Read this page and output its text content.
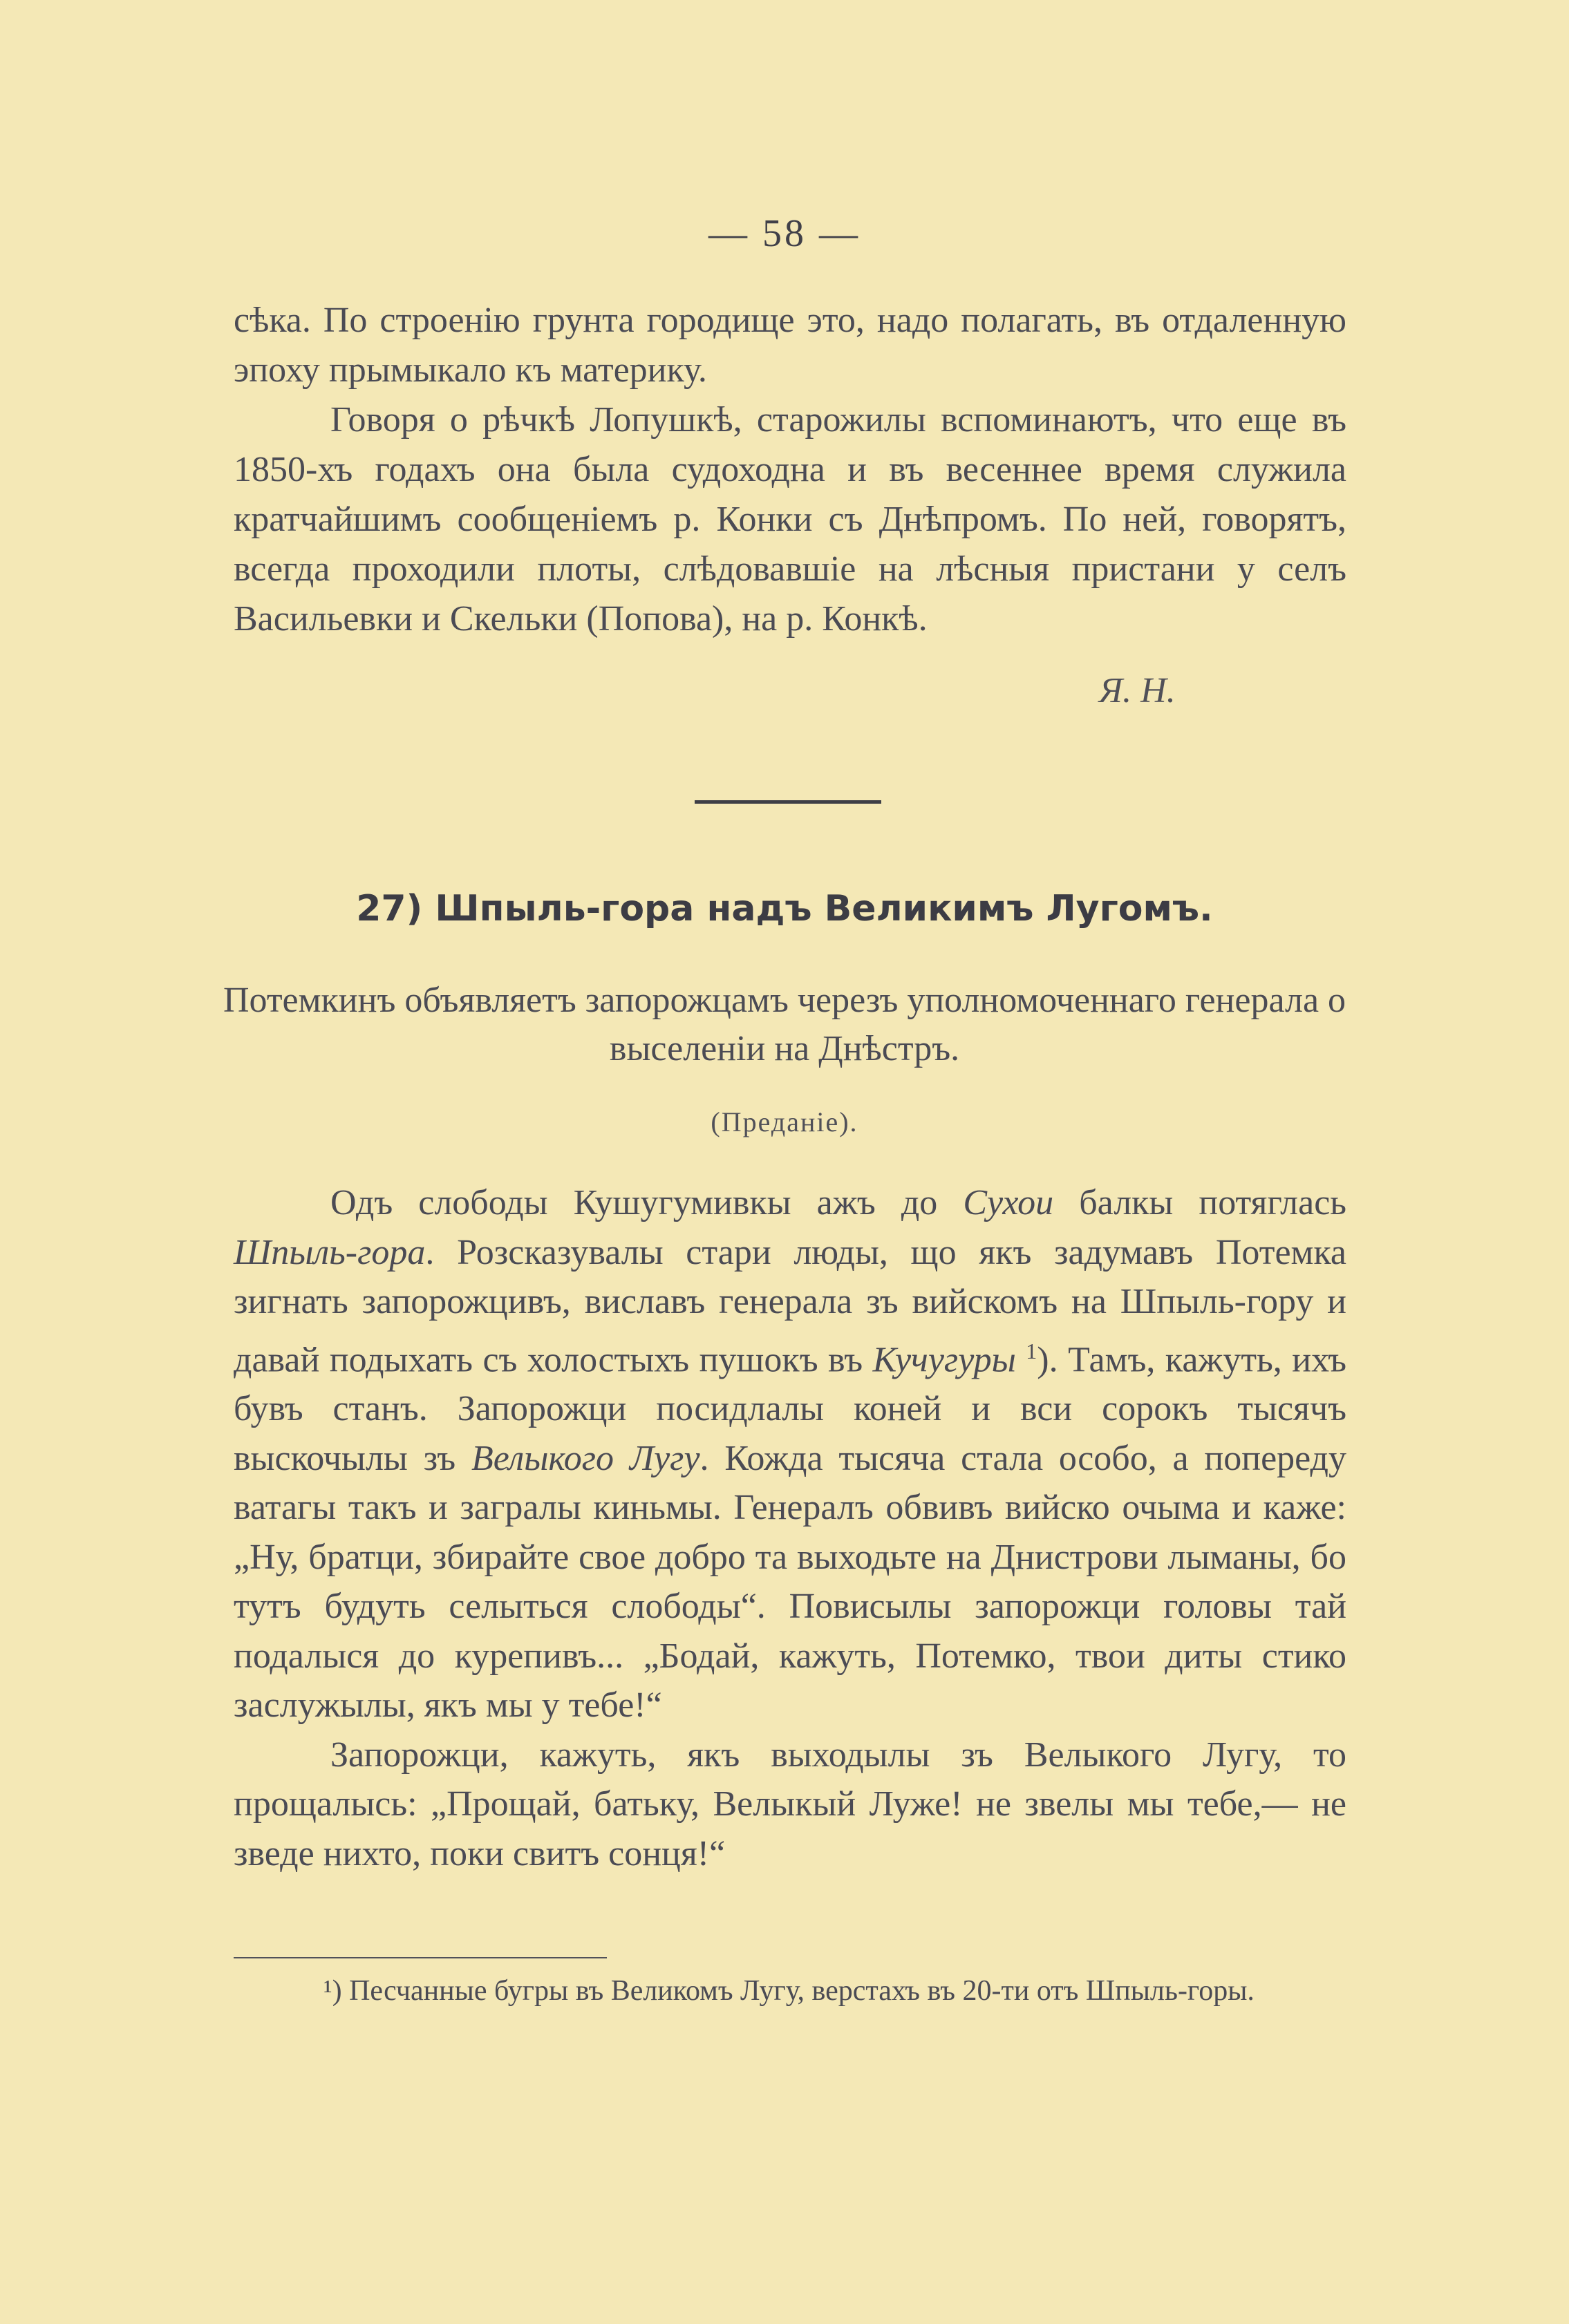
— 58 —

сѣка. По строенію грунта городище это, надо полагать, въ отдаленную эпоху прымыкало къ материку.

Говоря о рѣчкѣ Лопушкѣ, старожилы вспоминаютъ, что еще въ 1850-хъ годахъ она была судоходна и въ весеннее время служила кратчайшимъ сообщеніемъ р. Конки съ Днѣпромъ. По ней, говорятъ, всегда проходили плоты, слѣдовавшіе на лѣсныя пристани у селъ Васильевки и Скельки (Попова), на р. Конкѣ.

Я. Н.
27) Шпыль-гора надъ Великимъ Лугомъ.
Потемкинъ объявляетъ запорожцамъ черезъ уполномоченнаго генерала о выселеніи на Днѣстръ.
(Преданіе).

Одъ слободы Кушугумивкы ажъ до Сухои балкы потяглась Шпыль-гора. Розсказувалы стари люды, що якъ задумавъ Потемка зигнать запорожцивъ, виславъ генерала зъ вийскомъ на Шпыль-гору и давай подыхать съ холостыхъ пушокъ въ Кучугуры $^1$). Тамъ, кажуть, ихъ бувъ станъ. Запорожци посидлалы коней и вси сорокъ тысячъ выскочылы зъ Велыкого Лугу. Кожда тысяча стала особо, а попереду ватагы такъ и загралы киньмы. Генералъ обвивъ вийско очыма и каже: „Ну, братци, збирайте свое добро та выходьте на Днистрови лыманы, бо тутъ будуть селыться слободы“. Повисылы запорожци головы тай подалыся до курепивъ... „Бодай, кажуть, Потемко, твои диты стико заслужылы, якъ мы у тебе!“

Запорожци, кажуть, якъ выходылы зъ Велыкого Лугу, то прощалысь: „Прощай, батьку, Велыкый Луже! не звелы мы тебе,— не зведе нихто, поки свитъ сонця!“

¹) Песчанные бугры въ Великомъ Лугу, верстахъ въ 20-ти отъ Шпыль-горы.
